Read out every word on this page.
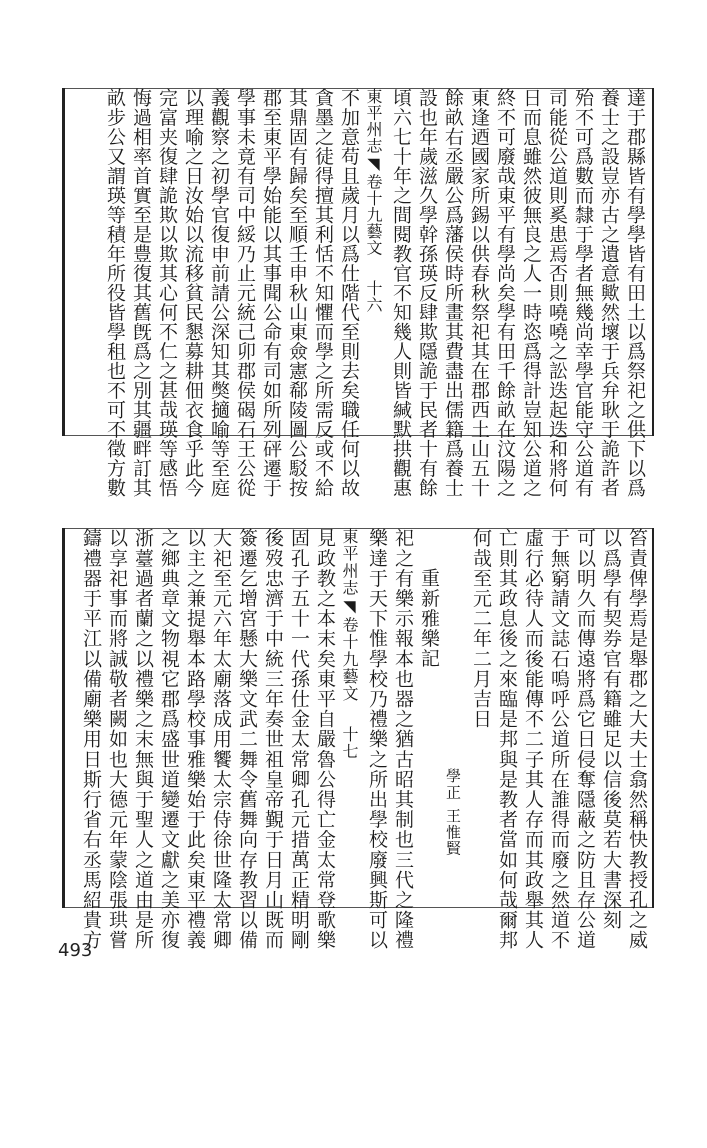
達于郡縣皆有學學皆有田土以爲祭祀之供下以爲
養士之設豈亦古之遺意歟然壞于兵弁耿于詭許者
殆不可爲數而隸于學者無幾尚幸學官能守公道有
司能從公道則奚患焉否則嘵嘵之訟迭起迭和將何
日而息雖然彼無良之人一時恣爲得計豈知公道之
終不可廢哉東平有學尚矣學有田千餘畝在汶陽之
東逢迺國家所錫以供春秋祭祀其在郡西土山五十
餘畝右丞嚴公爲藩侯時所畫其費盡出儒籍爲養士
設也年歲滋久學幹孫瑛反肆欺隱詭于民者十有餘
頃六七十年之間閱教官不知幾人則皆緘默拱觀惠
東平州志◥卷十九藝文十六
不加意苟且歲月以爲仕階代至則去矣職任何以故
貪墨之徒得擅其利恬不知懼而學之所需反或不給
其鼎固有歸矣至順壬申秋山東僉憲郗陵圖公駁按
郡至東平學始能以其事聞公命有司如所列砰遷于
學事未竟有司中綏乃止元統己卯郡侯碣石王公從
義觀察之初學官復申前請公深知其獘擿喻等至庭
以理喻之日汝始以流移貧民懇募耕佃衣食乎此今
完富夹復肆詭欺以欺其心何不仁之甚哉瑛等感悟
悔過相率首實至是豊復其舊旣爲之別其疆畔訂其
畝步公又謂瑛等積年所役皆學租也不可不徵方數
笞責俾學焉是舉郡之大夫士翕然稱快教授孔之威
以爲學有契券官有籍雖足以信後莫若大書深刻
可以明久而傳遠將爲它日侵奪隱蔽之防且存公道
于無窮請文誌石嗚呼公道所在誰得而廢之然道不
虛行必待人而後能傳不二子其人存而其政舉其人
亡則其政息後之來臨是邦與是教者當如何哉爾邦
何哉至元二年二月吉日
學正王惟賢
重新雅樂記
祀之有樂示報本也器之猶古昭其制也三代之隆禮
樂達于天下惟學校乃禮樂之所出學校廢興斯可以
東平州志◥卷十九藝文十七
見政教之本末矣東平自嚴魯公得亡金太常登歌樂
固孔子五十一代孫仕金太常卿孔元措萬正精明剛
後歿忠濟于中統三年奏世祖皇帝覲于日月山既而
簽遷乞增宮懸大樂文武二舞令舊舞向存教習以備
大祀至元六年太廟落成用饗太宗侍徐世隆太常卿
以主之兼提舉本路學校事雅樂始于此矣東平禮義
之鄉典章文物視它郡爲盛世道變遷文獻之美亦復
浙薹過者蘭之以禮樂之末無與于聖人之道由是所
以享祀事而將誠敬者闕如也大德元年蒙陰張珙嘗
鑄禮器于平江以備廟樂用日斯行省右丞馬紹貴方
493
